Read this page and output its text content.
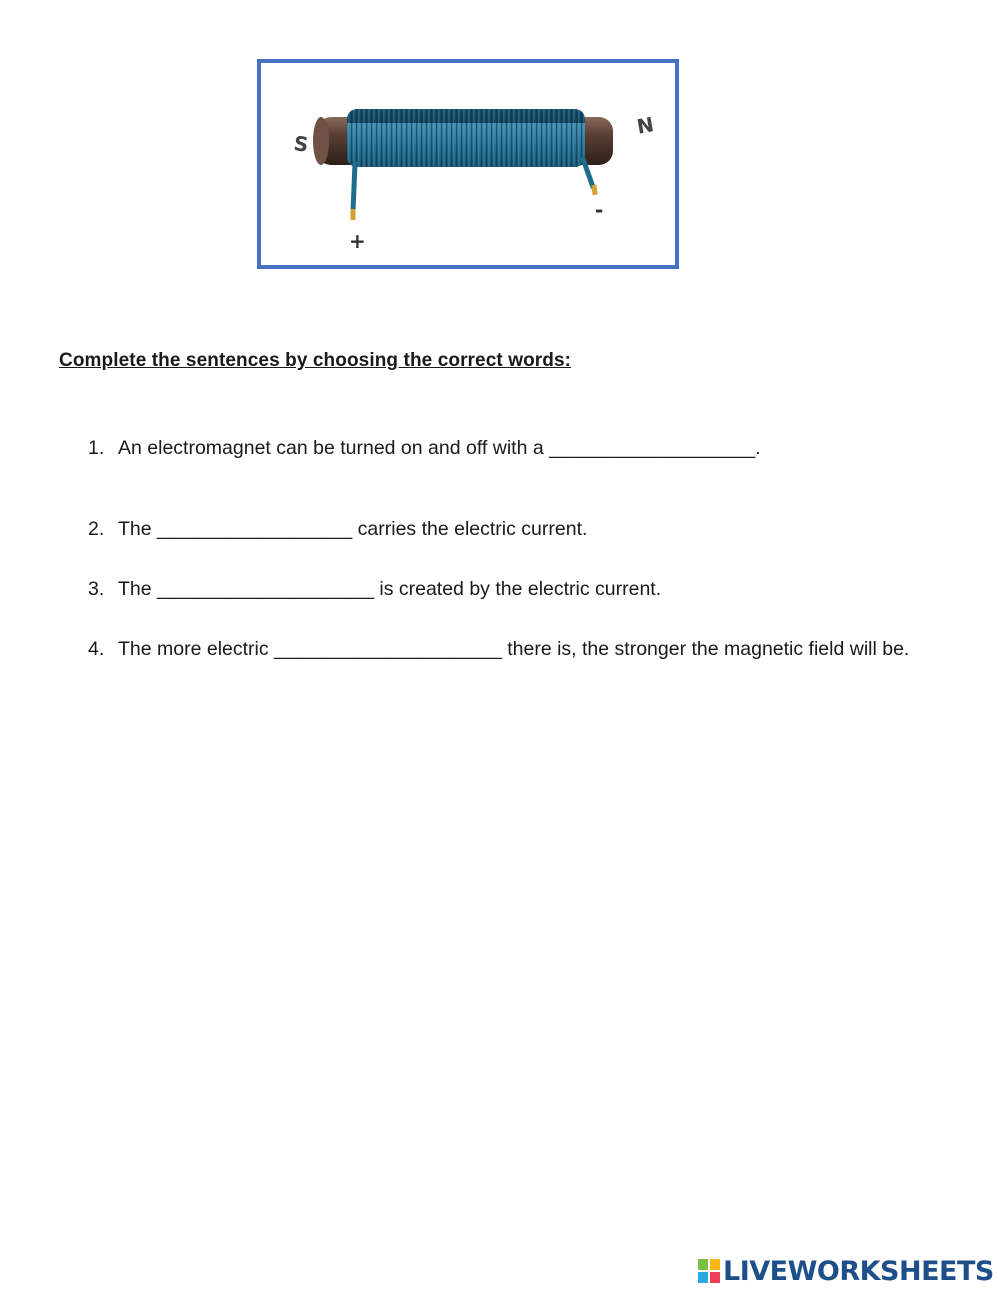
S
N
+
-

Complete the sentences by choosing the correct words:

1. An electromagnet can be turned on and off with a ___________________.
2. The __________________ carries the electric current.
3. The ____________________ is created by the electric current.
4. The more electric _____________________ there is, the stronger the magnetic field will be.
LIVEWORKSHEETS
